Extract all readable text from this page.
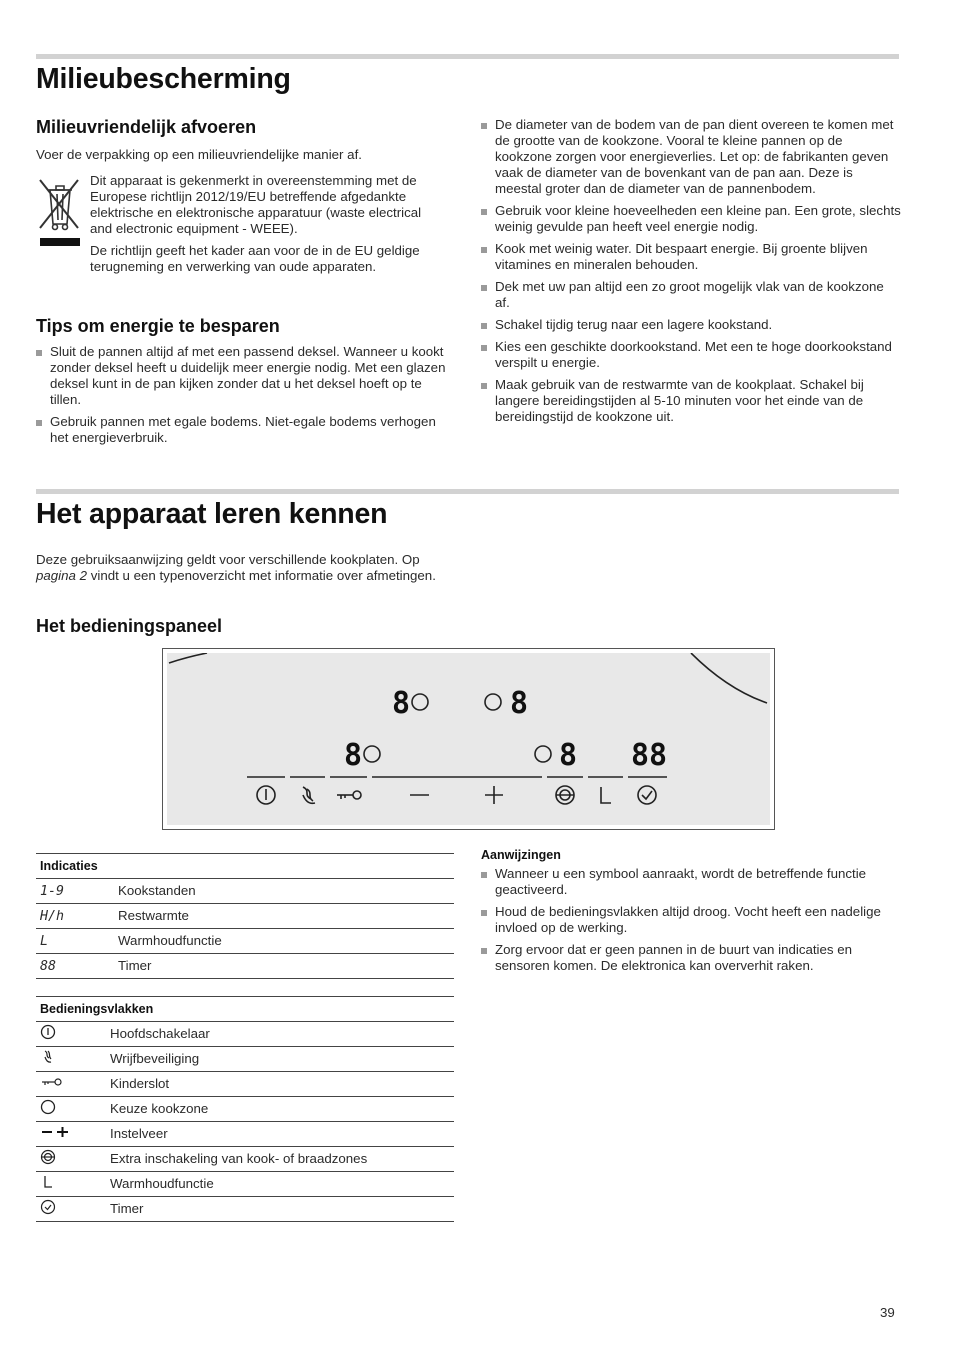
Milieubescherming
Milieuvriendelijk afvoeren
Voer de verpakking op een milieuvriendelijke manier af.
Dit apparaat is gekenmerkt in overeenstemming met de Europese richtlijn 2012/19/EU betreffende afgedankte elektrische en elektronische apparatuur (waste electrical and electronic equipment - WEEE).
De richtlijn geeft het kader aan voor de in de EU geldige terugneming en verwerking van oude apparaten.
Tips om energie te besparen
Sluit de pannen altijd af met een passend deksel. Wanneer u kookt zonder deksel heeft u duidelijk meer energie nodig. Met een glazen deksel kunt in de pan kijken zonder dat u het deksel hoeft op te tillen.
Gebruik pannen met egale bodems. Niet-egale bodems verhogen het energieverbruik.
De diameter van de bodem van de pan dient overeen te komen met de grootte van de kookzone. Vooral te kleine pannen op de kookzone zorgen voor energieverlies. Let op: de fabrikanten geven vaak de diameter van de bovenkant van de pan aan. Deze is meestal groter dan de diameter van de pannenbodem.
Gebruik voor kleine hoeveelheden een kleine pan. Een grote, slechts weinig gevulde pan heeft veel energie nodig.
Kook met weinig water. Dit bespaart energie. Bij groente blijven vitamines en mineralen behouden.
Dek met uw pan altijd een zo groot mogelijk vlak van de kookzone af.
Schakel tijdig terug naar een lagere kookstand.
Kies een geschikte doorkookstand. Met een te hoge doorkookstand verspilt u energie.
Maak gebruik van de restwarmte van de kookplaat. Schakel bij langere bereidingstijden al 5-10 minuten voor het einde van de bereidingstijd de kookzone uit.
Het apparaat leren kennen
Deze gebruiksaanwijzing geldt voor verschillende kookplaten. Op pagina 2 vindt u een typenoverzicht met informatie over afmetingen.
Het bedieningspaneel
8	8
8	8 88
Indicaties	
1-9	Kookstanden
H/h	Restwarmte
L	Warmhoudfunctie
88	Timer
Bedieningsvlakken	
	Hoofdschakelaar
	Wrijfbeveiliging
	Kinderslot
	Keuze kookzone
	Instelveer
	Extra inschakeling van kook- of braadzones
	Warmhoudfunctie
	Timer
Aanwijzingen
Wanneer u een symbool aanraakt, wordt de betreffende functie geactiveerd.
Houd de bedieningsvlakken altijd droog. Vocht heeft een nadelige invloed op de werking.
Zorg ervoor dat er geen pannen in de buurt van indicaties en sensoren komen. De elektronica kan oververhit raken.
39
